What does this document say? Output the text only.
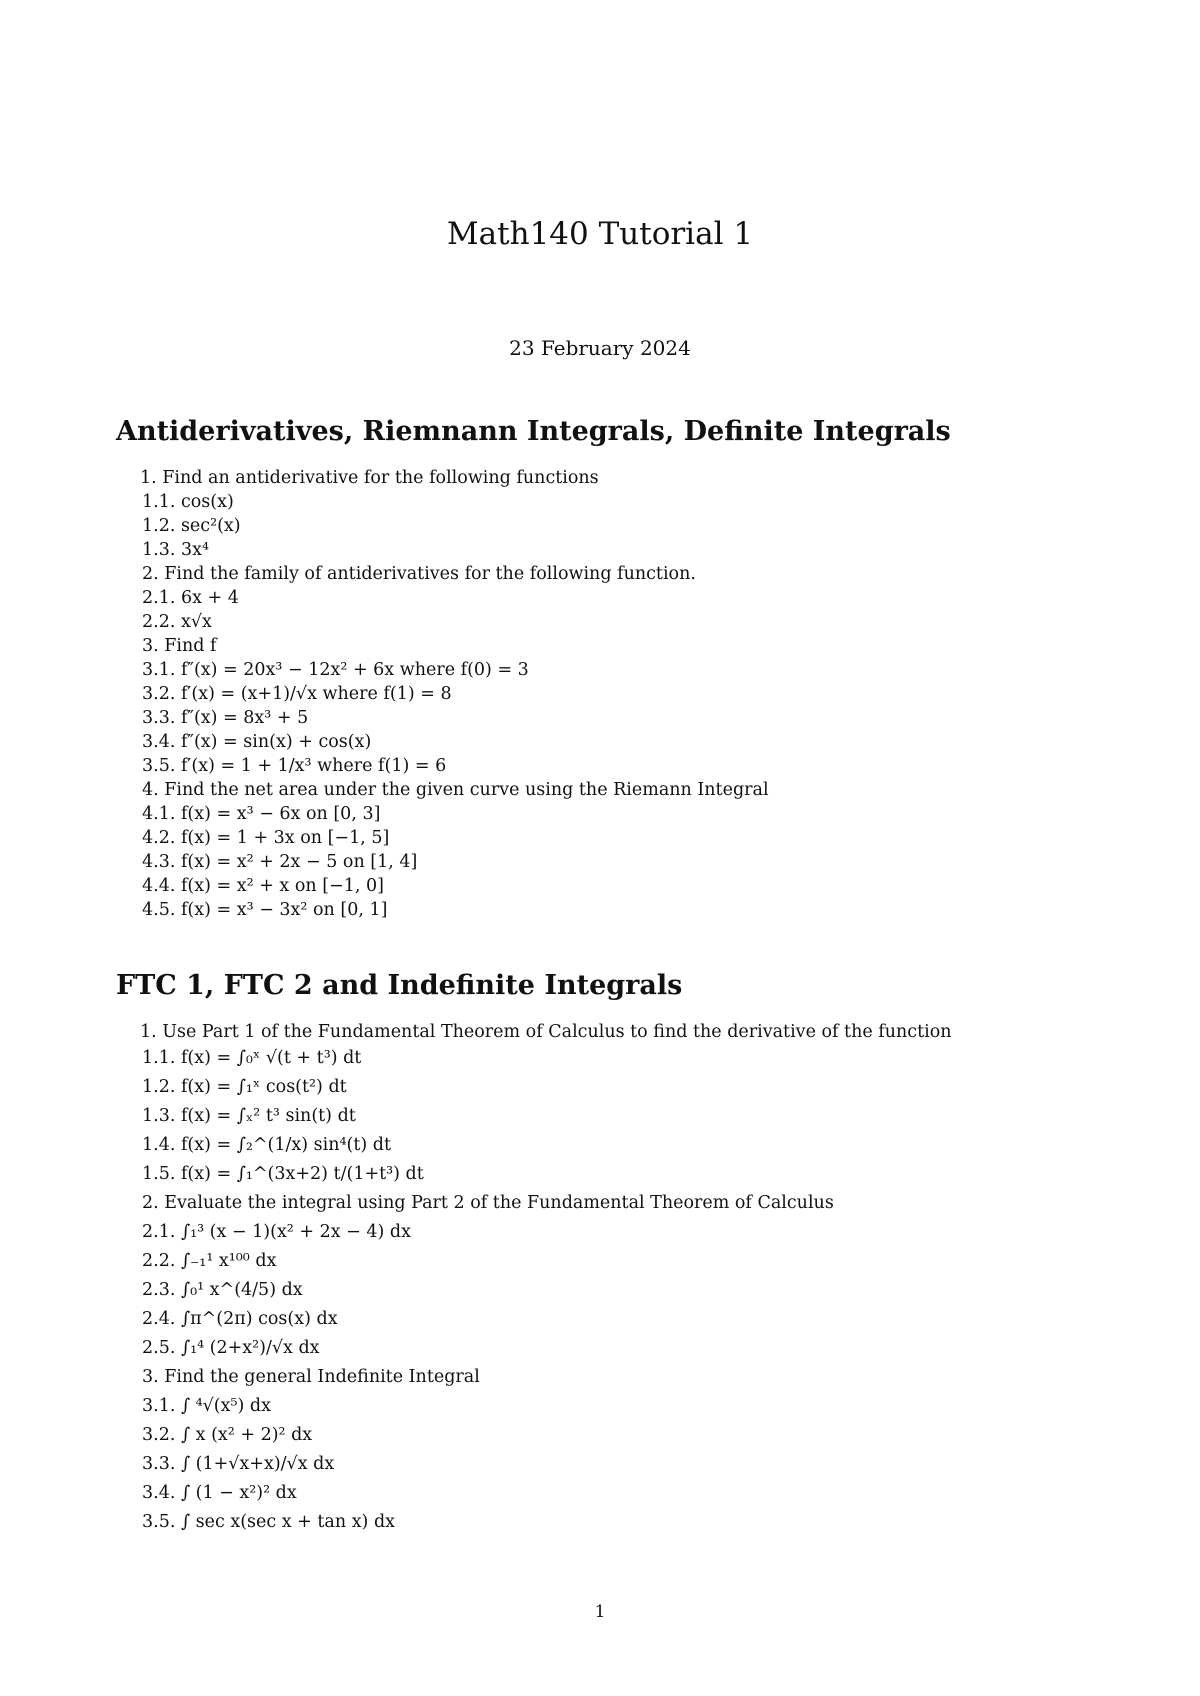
Math140 Tutorial 1
23 February 2024
Antiderivatives, Riemnann Integrals, Definite Integrals
1. Find an antiderivative for the following functions
1.1. cos(x)
1.2. sec²(x)
1.3. 3x⁴
2. Find the family of antiderivatives for the following function.
2.1. 6x + 4
2.2. x√x
3. Find f
3.1. f″(x) = 20x³ − 12x² + 6x where f(0) = 3
3.2. f′(x) = (x+1)/√x where f(1) = 8
3.3. f″(x) = 8x³ + 5
3.4. f″(x) = sin(x) + cos(x)
3.5. f′(x) = 1 + 1/x³ where f(1) = 6
4. Find the net area under the given curve using the Riemann Integral
4.1. f(x) = x³ − 6x on [0, 3]
4.2. f(x) = 1 + 3x on [−1, 5]
4.3. f(x) = x² + 2x − 5 on [1, 4]
4.4. f(x) = x² + x on [−1, 0]
4.5. f(x) = x³ − 3x² on [0, 1]
FTC 1, FTC 2 and Indefinite Integrals
1. Use Part 1 of the Fundamental Theorem of Calculus to find the derivative of the function
1.1. f(x) = ∫₀ˣ √(t + t³) dt
1.2. f(x) = ∫₁ˣ cos(t²) dt
1.3. f(x) = ∫ₓ² t³ sin(t) dt
1.4. f(x) = ∫₂^(1/x) sin⁴(t) dt
1.5. f(x) = ∫₁^(3x+2) t/(1+t³) dt
2. Evaluate the integral using Part 2 of the Fundamental Theorem of Calculus
2.1. ∫₁³ (x − 1)(x² + 2x − 4) dx
2.2. ∫₋₁¹ x¹⁰⁰ dx
2.3. ∫₀¹ x^(4/5) dx
2.4. ∫π^(2π) cos(x) dx
2.5. ∫₁⁴ (2+x²)/√x dx
3. Find the general Indefinite Integral
3.1. ∫ ⁴√(x⁵) dx
3.2. ∫ x (x² + 2)² dx
3.3. ∫ (1+√x+x)/√x dx
3.4. ∫ (1 − x²)² dx
3.5. ∫ sec x(sec x + tan x) dx
1
